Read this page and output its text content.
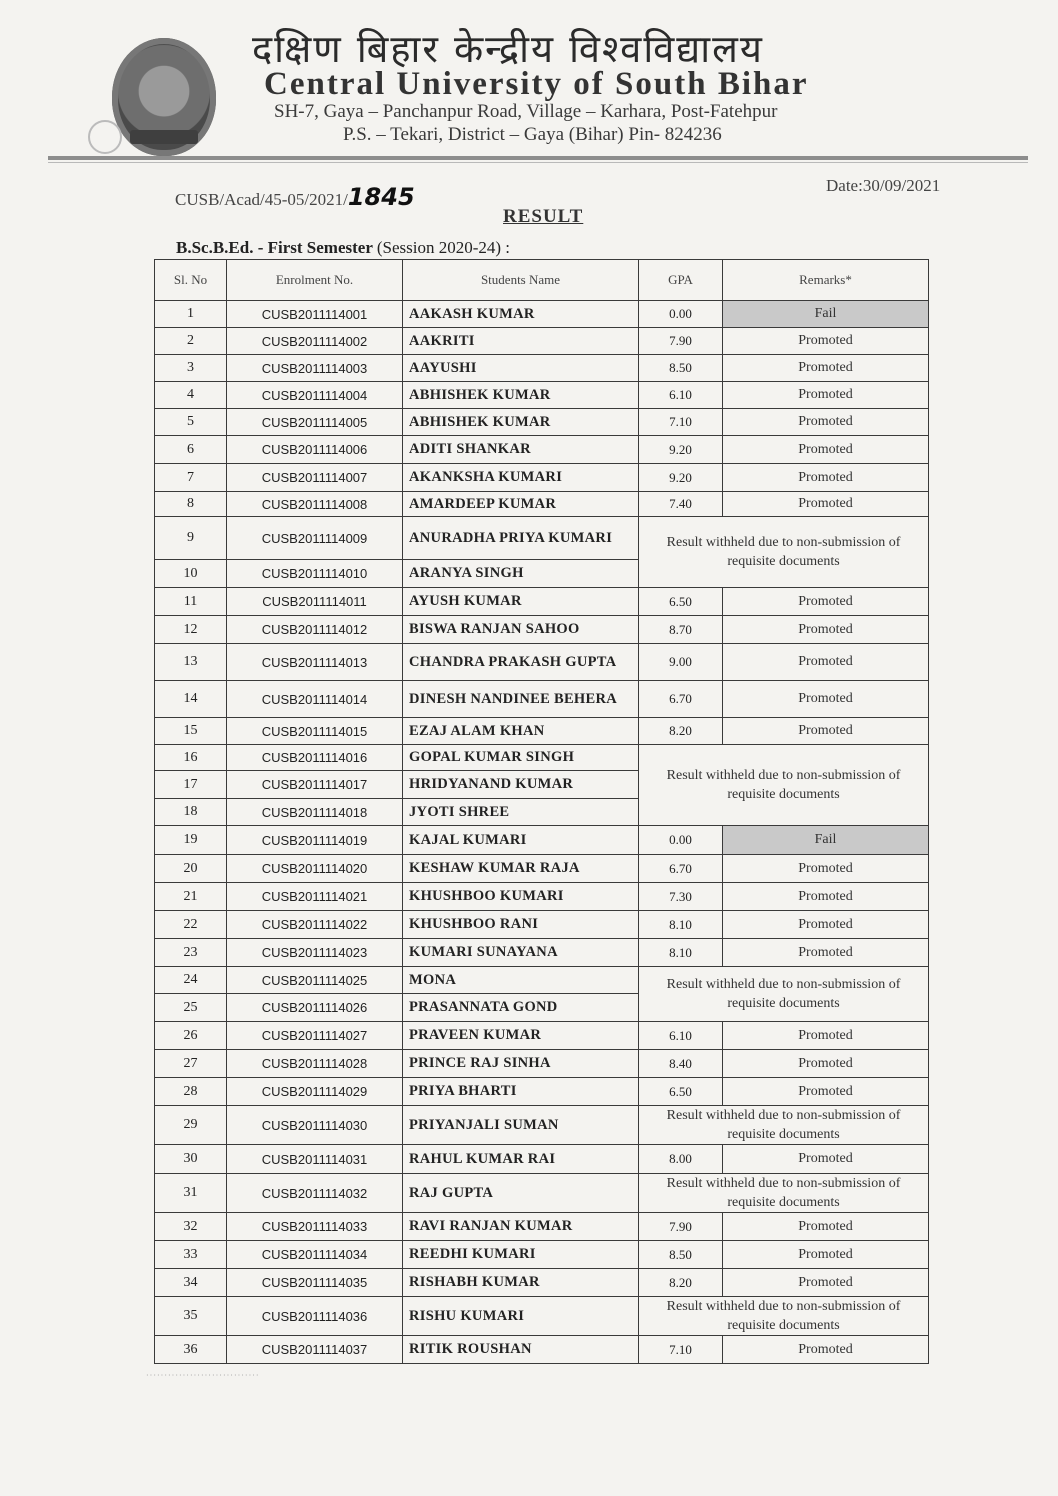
दक्षिण बिहार केन्द्रीय विश्वविद्यालय
Central University of South Bihar
SH-7, Gaya – Panchanpur Road, Village – Karhara, Post-Fatehpur
P.S. – Tekari, District – Gaya (Bihar) Pin- 824236
CUSB/Acad/45-05/2021/1845	Date:30/09/2021
RESULT
B.Sc.B.Ed. - First Semester (Session 2020-24) :
Sl. No	Enrolment No.	Students Name	GPA	Remarks*
1	CUSB2011114001	AAKASH KUMAR	0.00	Fail
2	CUSB2011114002	AAKRITI	7.90	Promoted
3	CUSB2011114003	AAYUSHI	8.50	Promoted
4	CUSB2011114004	ABHISHEK KUMAR	6.10	Promoted
5	CUSB2011114005	ABHISHEK KUMAR	7.10	Promoted
6	CUSB2011114006	ADITI SHANKAR	9.20	Promoted
7	CUSB2011114007	AKANKSHA KUMARI	9.20	Promoted
8	CUSB2011114008	AMARDEEP KUMAR	7.40	Promoted
9	CUSB2011114009	ANURADHA PRIYA KUMARI	Result withheld due to non-submission of requisite documents	
10	CUSB2011114010	ARANYA SINGH		
11	CUSB2011114011	AYUSH KUMAR	6.50	Promoted
12	CUSB2011114012	BISWA RANJAN SAHOO	8.70	Promoted
13	CUSB2011114013	CHANDRA PRAKASH GUPTA	9.00	Promoted
14	CUSB2011114014	DINESH NANDINEE BEHERA	6.70	Promoted
15	CUSB2011114015	EZAJ ALAM KHAN	8.20	Promoted
16	CUSB2011114016	GOPAL KUMAR SINGH	Result withheld due to non-submission of requisite documents	
17	CUSB2011114017	HRIDYANAND KUMAR		
18	CUSB2011114018	JYOTI SHREE		
19	CUSB2011114019	KAJAL KUMARI	0.00	Fail
20	CUSB2011114020	KESHAW KUMAR RAJA	6.70	Promoted
21	CUSB2011114021	KHUSHBOO KUMARI	7.30	Promoted
22	CUSB2011114022	KHUSHBOO RANI	8.10	Promoted
23	CUSB2011114023	KUMARI SUNAYANA	8.10	Promoted
24	CUSB2011114025	MONA	Result withheld due to non-submission of requisite documents	
25	CUSB2011114026	PRASANNATA GOND		
26	CUSB2011114027	PRAVEEN KUMAR	6.10	Promoted
27	CUSB2011114028	PRINCE RAJ SINHA	8.40	Promoted
28	CUSB2011114029	PRIYA BHARTI	6.50	Promoted
29	CUSB2011114030	PRIYANJALI SUMAN	Result withheld due to non-submission of requisite documents	
30	CUSB2011114031	RAHUL KUMAR RAI	8.00	Promoted
31	CUSB2011114032	RAJ GUPTA	Result withheld due to non-submission of requisite documents	
32	CUSB2011114033	RAVI RANJAN KUMAR	7.90	Promoted
33	CUSB2011114034	REEDHI KUMARI	8.50	Promoted
34	CUSB2011114035	RISHABH KUMAR	8.20	Promoted
35	CUSB2011114036	RISHU KUMARI	Result withheld due to non-submission of requisite documents	
36	CUSB2011114037	RITIK ROUSHAN	7.10	Promoted
·······························
